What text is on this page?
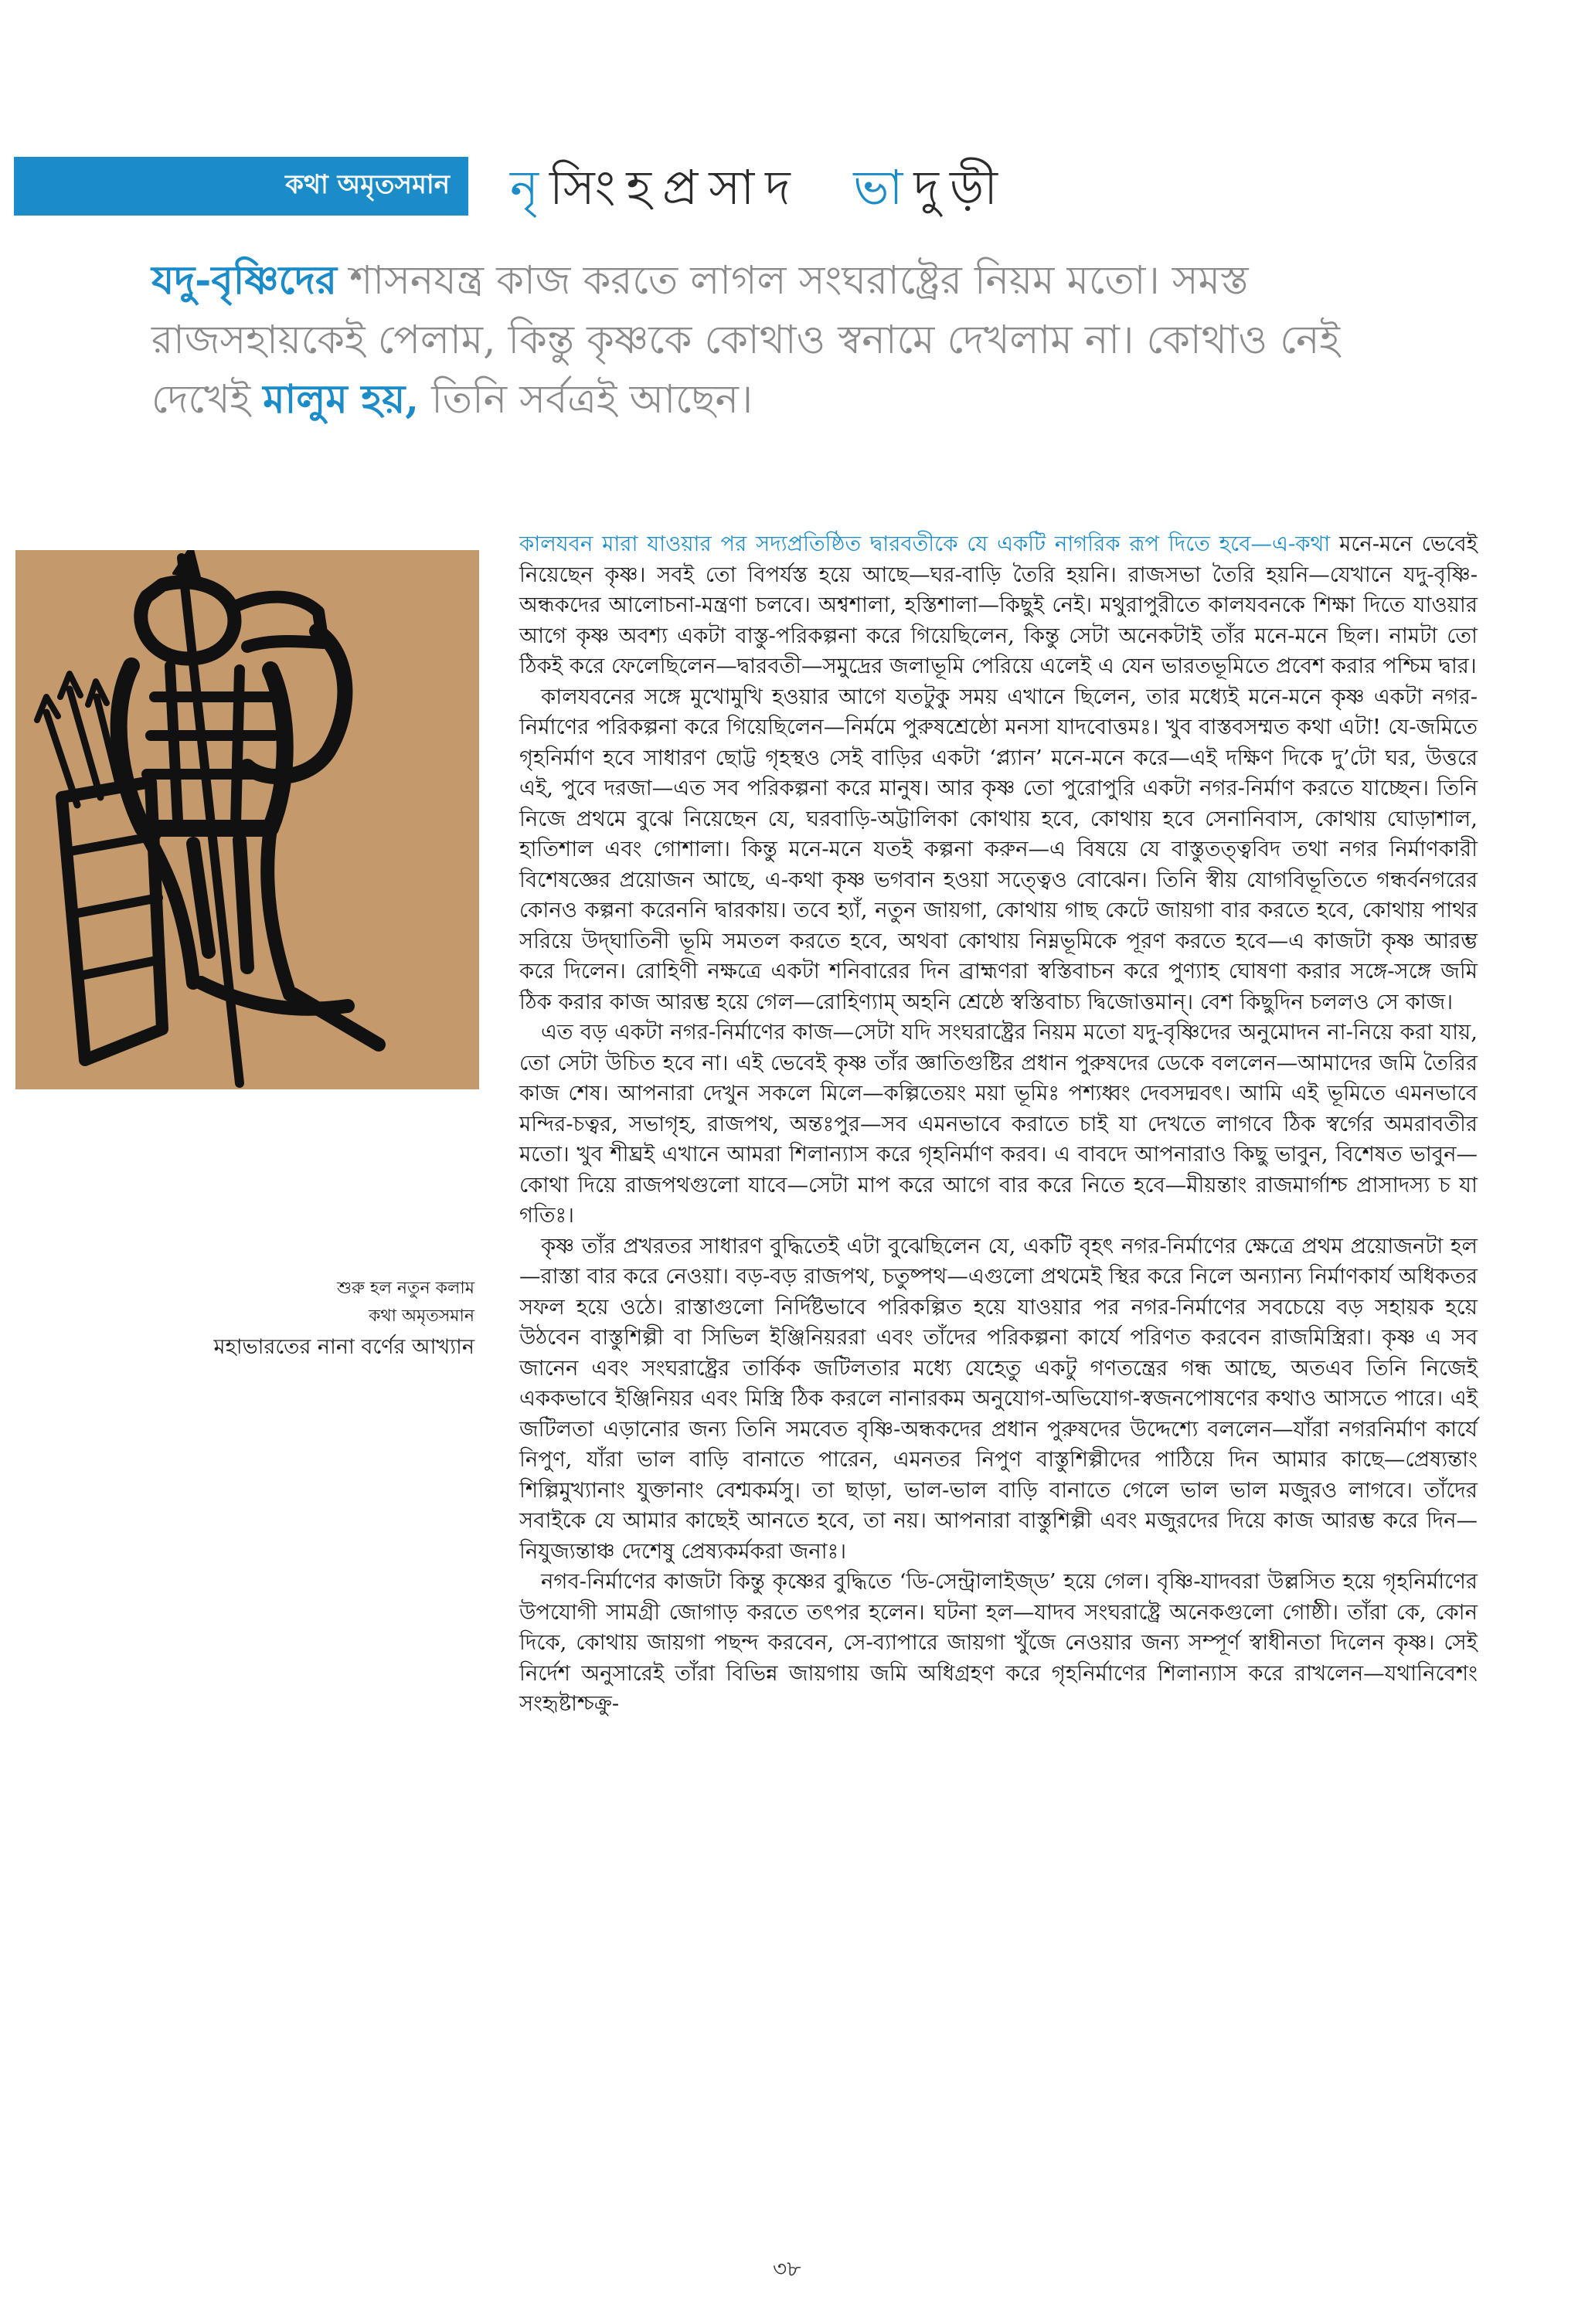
কথা অমৃতসমান	নৃসিংহপ্রসাদ ভাদুড়ী
যদু-বৃষ্ণিদের শাসনযন্ত্র কাজ করতে লাগল সংঘরাষ্ট্রের নিয়ম মতো। সমস্ত রাজসহায়কেই পেলাম, কিন্তু কৃষ্ণকে কোথাও স্বনামে দেখলাম না। কোথাও নেই দেখেই মালুম হয়, তিনি সর্বত্রই আছেন।
শুরু হল নতুন কলাম
কথা অমৃতসমান
মহাভারতের নানা বর্ণের আখ্যান

কালযবন মারা যাওয়ার পর সদ্যপ্রতিষ্ঠিত দ্বারবতীকে যে একটি নাগরিক রূপ দিতে হবে—এ-কথা মনে-মনে ভেবেই নিয়েছেন কৃষ্ণ। সবই তো বিপর্যস্ত হয়ে আছে—ঘর-বাড়ি তৈরি হয়নি। রাজসভা তৈরি হয়নি—যেখানে যদু-বৃষ্ণি-অন্ধকদের আলোচনা-মন্ত্রণা চলবে। অশ্বশালা, হস্তিশালা—কিছুই নেই। মথুরাপুরীতে কালযবনকে শিক্ষা দিতে যাওয়ার আগে কৃষ্ণ অবশ্য একটা বাস্তু-পরিকল্পনা করে গিয়েছিলেন, কিন্তু সেটা অনেকটাই তাঁর মনে-মনে ছিল। নামটা তো ঠিকই করে ফেলেছিলেন—দ্বারবতী—সমুদ্রের জলাভূমি পেরিয়ে এলেই এ যেন ভারতভূমিতে প্রবেশ করার পশ্চিম দ্বার।

কালযবনের সঙ্গে মুখোমুখি হওয়ার আগে যতটুকু সময় এখানে ছিলেন, তার মধ্যেই মনে-মনে কৃষ্ণ একটা নগর-নির্মাণের পরিকল্পনা করে গিয়েছিলেন—নির্মমে পুরুষশ্রেষ্ঠো মনসা যাদবোত্তমঃ। খুব বাস্তবসম্মত কথা এটা! যে-জমিতে গৃহনির্মাণ হবে সাধারণ ছোট্ট গৃহস্থও সেই বাড়ির একটা ‘প্ল্যান’ মনে-মনে করে—এই দক্ষিণ দিকে দু’টো ঘর, উত্তরে এই, পুবে দরজা—এত সব পরিকল্পনা করে মানুষ। আর কৃষ্ণ তো পুরোপুরি একটা নগর-নির্মাণ করতে যাচ্ছেন। তিনি নিজে প্রথমে বুঝে নিয়েছেন যে, ঘরবাড়ি-অট্টালিকা কোথায় হবে, কোথায় হবে সেনানিবাস, কোথায় ঘোড়াশাল, হাতিশাল এবং গোশালা। কিন্তু মনে-মনে যতই কল্পনা করুন—এ বিষয়ে যে বাস্তুতত্ত্ববিদ তথা নগর নির্মাণকারী বিশেষজ্ঞের প্রয়োজন আছে, এ-কথা কৃষ্ণ ভগবান হওয়া সত্ত্বেও বোঝেন। তিনি স্বীয় যোগবিভূতিতে গন্ধর্বনগরের কোনও কল্পনা করেননি দ্বারকায়। তবে হ্যাঁ, নতুন জায়গা, কোথায় গাছ কেটে জায়গা বার করতে হবে, কোথায় পাথর সরিয়ে উদ্‌ঘাতিনী ভূমি সমতল করতে হবে, অথবা কোথায় নিম্নভূমিকে পূরণ করতে হবে—এ কাজটা কৃষ্ণ আরম্ভ করে দিলেন। রোহিণী নক্ষত্রে একটা শনিবারের দিন ব্রাহ্মণরা স্বস্তিবাচন করে পুণ্যাহ ঘোষণা করার সঙ্গে-সঙ্গে জমি ঠিক করার কাজ আরম্ভ হয়ে গেল—রোহিণ্যাম্ অহনি শ্রেষ্ঠে স্বস্তিবাচ্য দ্বিজোত্তমান্। বেশ কিছুদিন চললও সে কাজ।

এত বড় একটা নগর-নির্মাণের কাজ—সেটা যদি সংঘরাষ্ট্রের নিয়ম মতো যদু-বৃষ্ণিদের অনুমোদন না-নিয়ে করা যায়, তো সেটা উচিত হবে না। এই ভেবেই কৃষ্ণ তাঁর জ্ঞাতিগুষ্টির প্রধান পুরুষদের ডেকে বললেন—আমাদের জমি তৈরির কাজ শেষ। আপনারা দেখুন সকলে মিলে—কল্পিতেয়ং ময়া ভূমিঃ পশ্যধ্বং দেবসদ্মবৎ। আমি এই ভূমিতে এমনভাবে মন্দির-চত্বর, সভাগৃহ, রাজপথ, অন্তঃপুর—সব এমনভাবে করাতে চাই যা দেখতে লাগবে ঠিক স্বর্গের অমরাবতীর মতো। খুব শীঘ্রই এখানে আমরা শিলান্যাস করে গৃহনির্মাণ করব। এ বাবদে আপনারাও কিছু ভাবুন, বিশেষত ভাবুন—কোথা দিয়ে রাজপথগুলো যাবে—সেটা মাপ করে আগে বার করে নিতে হবে—মীয়ন্তাং রাজমার্গাশ্চ প্রাসাদস্য চ যা গতিঃ।

কৃষ্ণ তাঁর প্রখরতর সাধারণ বুদ্ধিতেই এটা বুঝেছিলেন যে, একটি বৃহৎ নগর-নির্মাণের ক্ষেত্রে প্রথম প্রয়োজনটা হল—রাস্তা বার করে নেওয়া। বড়-বড় রাজপথ, চতুষ্পথ—এগুলো প্রথমেই স্থির করে নিলে অন্যান্য নির্মাণকার্য অধিকতর সফল হয়ে ওঠে। রাস্তাগুলো নির্দিষ্টভাবে পরিকল্পিত হয়ে যাওয়ার পর নগর-নির্মাণের সবচেয়ে বড় সহায়ক হয়ে উঠবেন বাস্তুশিল্পী বা সিভিল ইঞ্জিনিয়ররা এবং তাঁদের পরিকল্পনা কার্যে পরিণত করবেন রাজমিস্ত্রিরা। কৃষ্ণ এ সব জানেন এবং সংঘরাষ্ট্রের তার্কিক জটিলতার মধ্যে যেহেতু একটু গণতন্ত্রের গন্ধ আছে, অতএব তিনি নিজেই এককভাবে ইঞ্জিনিয়র এবং মিস্ত্রি ঠিক করলে নানারকম অনুযোগ-অভিযোগ-স্বজনপোষণের কথাও আসতে পারে। এই জটিলতা এড়ানোর জন্য তিনি সমবেত বৃষ্ণি-অন্ধকদের প্রধান পুরুষদের উদ্দেশ্যে বললেন—যাঁরা নগরনির্মাণ কার্যে নিপুণ, যাঁরা ভাল বাড়ি বানাতে পারেন, এমনতর নিপুণ বাস্তুশিল্পীদের পাঠিয়ে দিন আমার কাছে—প্রেষ্যন্তাং শিল্পিমুখ্যানাং যুক্তানাং বেশ্মকর্মসু। তা ছাড়া, ভাল-ভাল বাড়ি বানাতে গেলে ভাল ভাল মজুরও লাগবে। তাঁদের সবাইকে যে আমার কাছেই আনতে হবে, তা নয়। আপনারা বাস্তুশিল্পী এবং মজুরদের দিয়ে কাজ আরম্ভ করে দিন—নিযুজ্যন্তাঞ্চ দেশেষু প্রেষ্যকর্মকরা জনাঃ।

নগব-নির্মাণের কাজটা কিন্তু কৃষ্ণের বুদ্ধিতে ‘ডি-সেন্ট্রালাইজ্ড’ হয়ে গেল। বৃষ্ণি-যাদবরা উল্লসিত হয়ে গৃহনির্মাণের উপযোগী সামগ্রী জোগাড় করতে তৎপর হলেন। ঘটনা হল—যাদব সংঘরাষ্ট্রে অনেকগুলো গোষ্ঠী। তাঁরা কে, কোন দিকে, কোথায় জায়গা পছন্দ করবেন, সে-ব্যাপারে জায়গা খুঁজে নেওয়ার জন্য সম্পূর্ণ স্বাধীনতা দিলেন কৃষ্ণ। সেই নির্দেশ অনুসারেই তাঁরা বিভিন্ন জায়গায় জমি অধিগ্রহণ করে গৃহনির্মাণের শিলান্যাস করে রাখলেন—যথানিবেশং সংহৃষ্টাশ্চক্রু-

৩৮
